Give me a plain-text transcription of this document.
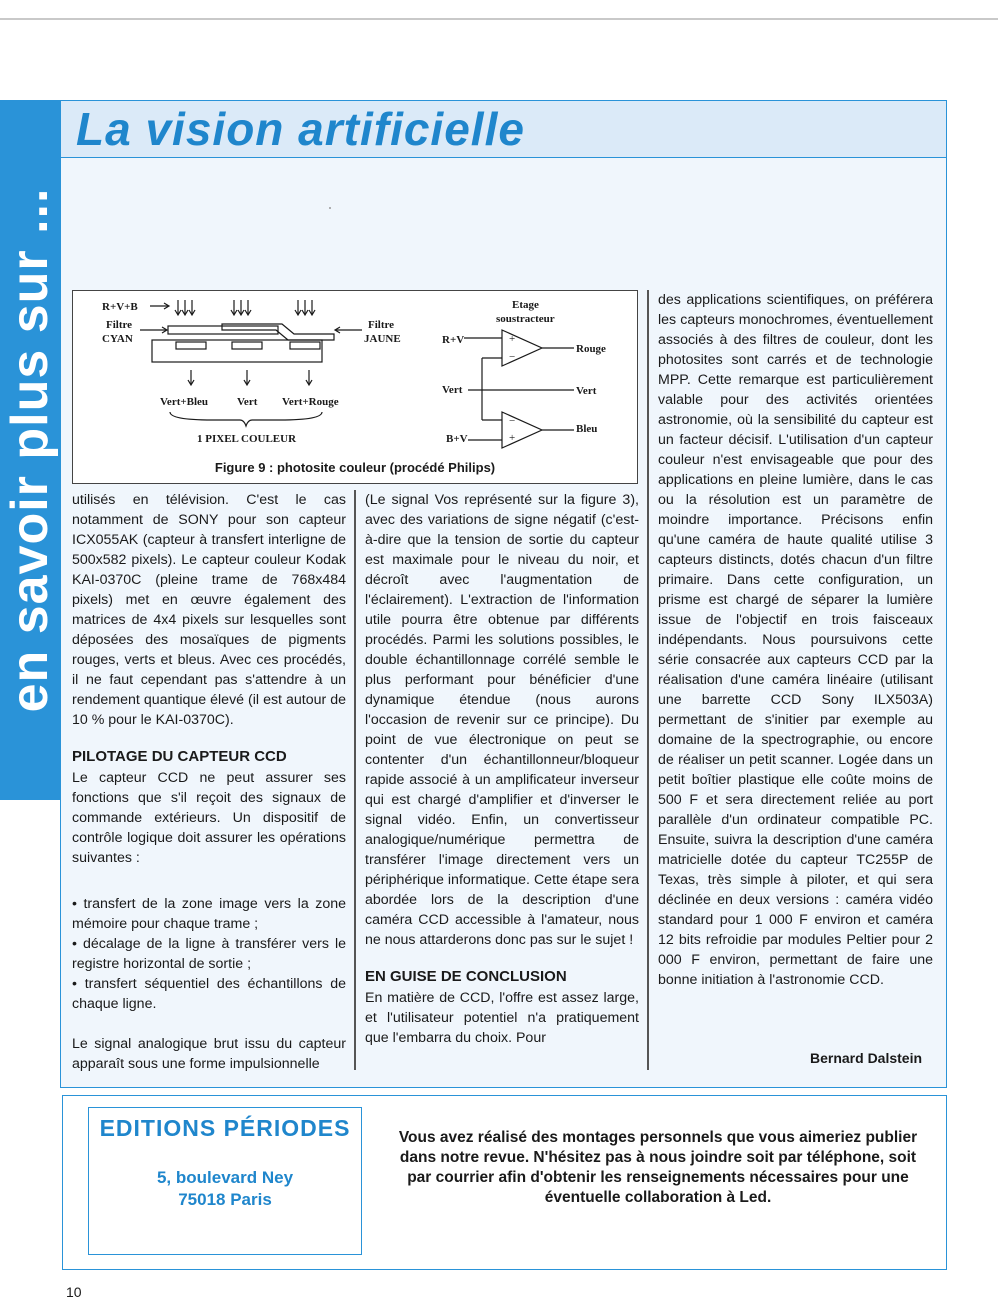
en savoir plus sur ...
La vision artificielle
R+V+B
Filtre
CYAN
Filtre
JAUNE
Vert+Bleu	Vert Vert+Rouge
1 PIXEL COULEUR
Etage
soustracteur
R+V
Vert
B+V
Rouge
Vert
Bleu
+
−
−
+
Figure 9 : photosite couleur (procédé Philips)

utilisés en télévision. C'est le cas notamment de SONY pour son capteur ICX055AK (capteur à transfert interligne de 500x582 pixels). Le capteur couleur Kodak KAI-0370C (pleine trame de 768x484 pixels) met en œuvre également des matrices de 4x4 pixels sur lesquelles sont déposées des mosaïques de pigments rouges, verts et bleus. Avec ces procédés, il ne faut cependant pas s'attendre à un rendement quantique élevé (il est autour de 10 % pour le KAI-0370C).

PILOTAGE DU CAPTEUR CCD

Le capteur CCD ne peut assurer ses fonctions que s'il reçoit des signaux de commande extérieurs. Un dispositif de contrôle logique doit assurer les opérations suivantes :

• transfert de la zone image vers la zone mémoire pour chaque trame ;

• décalage de la ligne à transférer vers le registre horizontal de sortie ;

• transfert séquentiel des échantillons de chaque ligne.

Le signal analogique brut issu du capteur apparaît sous une forme impulsionnelle

(Le signal Vos représenté sur la figure 3), avec des variations de signe négatif (c'est-à-dire que la tension de sortie du capteur est maximale pour le niveau du noir, et décroît avec l'augmentation de l'éclairement). L'extraction de l'information utile pourra être obtenue par différents procédés. Parmi les solutions possibles, le double échantillonnage corrélé semble le plus performant pour bénéficier d'une dynamique étendue (nous aurons l'occasion de revenir sur ce principe). Du point de vue électronique on peut se contenter d'un échantillonneur/bloqueur rapide associé à un amplificateur inverseur qui est chargé d'amplifier et d'inverser le signal vidéo. Enfin, un convertisseur analogique/numérique permettra de transférer l'image directement vers un périphérique informatique. Cette étape sera abordée lors de la description d'une caméra CCD accessible à l'amateur, nous ne nous attarderons donc pas sur le sujet !

EN GUISE DE CONCLUSION

En matière de CCD, l'offre est assez large, et l'utilisateur potentiel n'a pratiquement que l'embarra du choix. Pour

des applications scientifiques, on préférera les capteurs monochromes, éventuellement associés à des filtres de couleur, dont les photosites sont carrés et de technologie MPP. Cette remarque est particulièrement valable pour des activités orientées astronomie, où la sensibilité du capteur est un facteur décisif. L'utilisation d'un capteur couleur n'est envisageable que pour des applications en pleine lumière, dans le cas ou la résolution est un paramètre de moindre importance. Précisons enfin qu'une caméra de haute qualité utilise 3 capteurs distincts, dotés chacun d'un filtre primaire. Dans cette configuration, un prisme est chargé de séparer la lumière issue de l'objectif en trois faisceaux indépendants. Nous poursuivons cette série consacrée aux capteurs CCD par la réalisation d'une caméra linéaire (utilisant une barrette CCD Sony ILX503A) permettant de s'initier par exemple au domaine de la spectrographie, ou encore de réaliser un petit scanner. Logée dans un petit boîtier plastique elle coûte moins de 500 F et sera directement reliée au port parallèle d'un ordinateur compatible PC. Ensuite, suivra la description d'une caméra matricielle dotée du capteur TC255P de Texas, très simple à piloter, et qui sera déclinée en deux versions : caméra vidéo standard pour 1 000 F environ et caméra 12 bits refroidie par modules Peltier pour 2 000 F environ, permettant de faire une bonne initiation à l'astronomie CCD.

Bernard Dalstein
EDITIONS PÉRIODES
5, boulevard Ney
75018 Paris
Vous avez réalisé des montages personnels que vous aimeriez publier dans notre revue. N'hésitez pas à nous joindre soit par téléphone, soit par courrier afin d'obtenir les renseignements nécessaires pour une éventuelle collaboration à Led.
10
